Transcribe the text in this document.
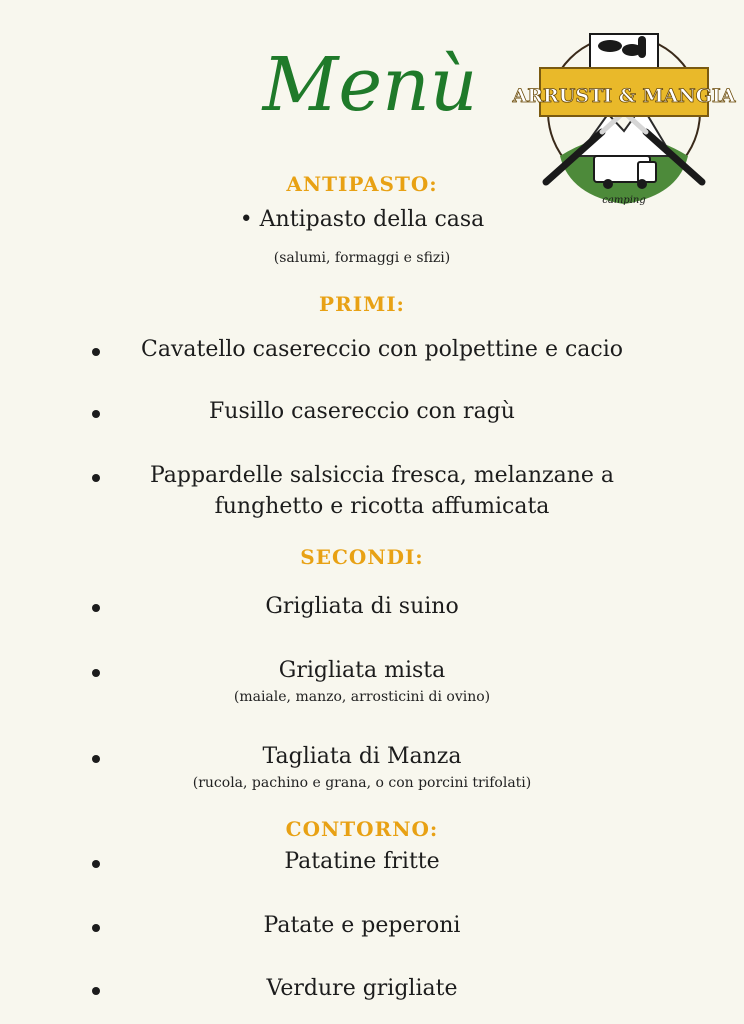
Menù ARRUSTI & MANGIA
camping
ANTIPASTO:
• Antipasto della casa
(salumi, formaggi e sfizi)
PRIMI:
Cavatello casereccio con polpettine e cacio
Fusillo casereccio con ragù
Pappardelle salsiccia fresca, melanzane a
funghetto e ricotta affumicata
SECONDI:
Grigliata di suino
Grigliata mista
(maiale, manzo, arrosticini di ovino)
Tagliata di Manza
(rucola, pachino e grana, o con porcini trifolati)
CONTORNO:
Patatine fritte
Patate e peperoni
Verdure grigliate
